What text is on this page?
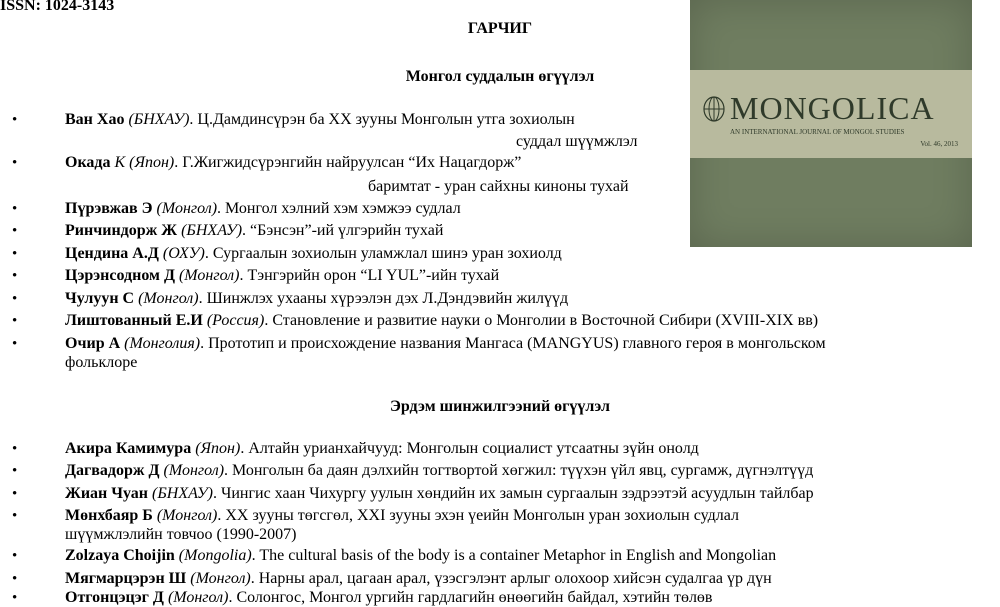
ISSN: 1024-3143
ГАРЧИГ
Монгол суддалын өгүүлэл
Эрдэм шинжилгээний өгүүлэл
MONGOLICA
AN INTERNATIONAL JOURNAL OF MONGOL STUDIES
Vol. 46, 2013
•	Ван Хао (БНХАУ). Ц.Дамдинсүрэн ба XX зууны Монголын утга зохиолын
суддал шүүмжлэл
•	Окада К (Япон). Г.Жигжидсүрэнгийн найруулсан “Их Нацагдорж”
баримтат - уран сайхны киноны тухай
•	Пүрэвжав Э (Монгол). Монгол хэлний хэм хэмжээ судлал
•	Ринчиндорж Ж (БНХАУ). “Бэнсэн”-ий үлгэрийн тухай
•	Цендина А.Д (ОХУ). Сургаалын зохиолын уламжлал шинэ уран зохиолд
•	Цэрэнсодном Д (Монгол). Тэнгэрийн орон “LI YUL”-ийн тухай
•	Чулуун С (Монгол). Шинжлэх ухааны хүрээлэн дэх Л.Дэндэвийн жилүүд
•	Лиштованный Е.И (Россия). Становление и развитие науки о Монголии в Восточной Сибири (XVIII-XIX вв)
•	Очир А (Монголия). Прототип и происхождение названия Мангаса (MANGYUS) главного героя в монгольском
фольклоре
•	Акира Камимура (Япон). Алтайн урианхайчууд: Монголын социалист утсаатны зүйн онолд
•	Дагвадорж Д (Монгол). Монголын ба даян дэлхийн тогтвортой хөгжил: түүхэн үйл явц, сургамж, дүгнэлтүүд
•	Жиан Чуан (БНХАУ). Чингис хаан Чихургу уулын хөндийн их замын сургаалын зэдрээтэй асуудлын тайлбар
•	Мөнхбаяр Б (Монгол). XX зууны төгсгөл, XXI зууны эхэн үеийн Монголын уран зохиолын судлал
шүүмжлэлийн товчоо (1990-2007)
•	Zolzaya Choijin (Mongolia). The cultural basis of the body is a container Metaphor in English and Mongolian
•	Мягмарцэрэн Ш (Монгол). Нарны арал, цагаан арал, үзэсгэлэнт арлыг олохоор хийсэн судалгаа үр дүн
•	Отгонцэцэг Д (Монгол). Солонгос, Монгол ургийн гардлагийн өнөөгийн байдал, хэтийн төлөв
